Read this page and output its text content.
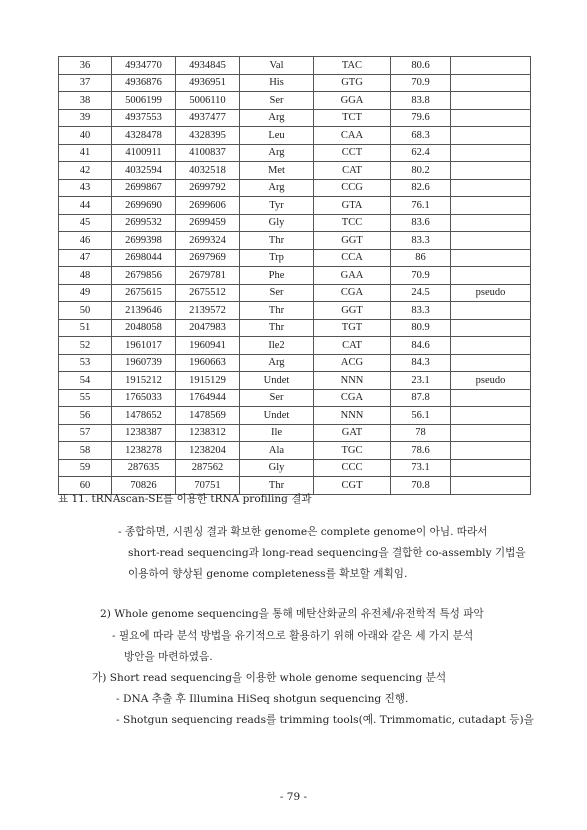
36	4934770	4934845	Val	TAC	80.6	
37	4936876	4936951	His	GTG	70.9	
38	5006199	5006110	Ser	GGA	83.8	
39	4937553	4937477	Arg	TCT	79.6	
40	4328478	4328395	Leu	CAA	68.3	
41	4100911	4100837	Arg	CCT	62.4	
42	4032594	4032518	Met	CAT	80.2	
43	2699867	2699792	Arg	CCG	82.6	
44	2699690	2699606	Tyr	GTA	76.1	
45	2699532	2699459	Gly	TCC	83.6	
46	2699398	2699324	Thr	GGT	83.3	
47	2698044	2697969	Trp	CCA	86	
48	2679856	2679781	Phe	GAA	70.9	
49	2675615	2675512	Ser	CGA	24.5	pseudo
50	2139646	2139572	Thr	GGT	83.3	
51	2048058	2047983	Thr	TGT	80.9	
52	1961017	1960941	Ile2	CAT	84.6	
53	1960739	1960663	Arg	ACG	84.3	
54	1915212	1915129	Undet	NNN	23.1	pseudo
55	1765033	1764944	Ser	CGA	87.8	
56	1478652	1478569	Undet	NNN	56.1	
57	1238387	1238312	Ile	GAT	78	
58	1238278	1238204	Ala	TGC	78.6	
59	287635	287562	Gly	CCC	73.1	
60	70826	70751	Thr	CGT	70.8	
표 11. tRNAscan-SE를 이용한 tRNA profiling 결과
- 종합하면, 시퀀싱 결과 확보한 genome은 complete genome이 아님. 따라서
short-read sequencing과 long-read sequencing을 결합한 co-assembly 기법을
이용하여 향상된 genome completeness를 확보할 계획임.
2) Whole genome sequencing을 통해 메탄산화균의 유전체/유전학적 특성 파악
- 필요에 따라 분석 방법을 유기적으로 활용하기 위해 아래와 같은 세 가지 분석
방안을 마련하였음.
가) Short read sequencing을 이용한 whole genome sequencing 분석
- DNA 추출 후 Illumina HiSeq shotgun sequencing 진행.
- Shotgun sequencing reads를 trimming tools(예. Trimmomatic, cutadapt 등)을
- 79 -
